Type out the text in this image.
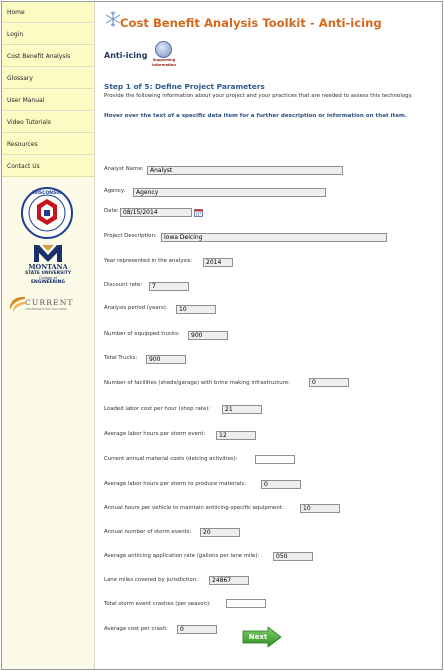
Home
Login
Cost Benefit Analysis
Glossary
User Manual
Video Tutorials
Resources
Contact Us
WISCONSIN
MONTANA
STATE UNIVERSITY
College of
ENGINEERING
CURRENT
TRANSPORTATION SOLUTIONS
Cost Benefit Analysis Toolkit - Anti-icing
Anti-icing	Supporting
Information
Step 1 of 5: Define Project Parameters
Provide the following information about your project and your practices that are needed to assess this technology.
Hover over the text of a specific data item for a further description or information on that item.
Analyst Name:
Analyst
Agency:
Agency
Date:
08/15/2014
Project Description:
Iowa Deicing
Year represented in the analysis:
2014
Discount rate:
7
Analysis period (years):
10
Number of equipped trucks:
900
Total Trucks:
900
Number of facilities (sheds/garage) with brine making infrastructure:
0
Loaded labor cost per hour (shop rate):
21
Average labor hours per storm event:
12
Current annual material costs (deicing activities):
Average labor hours per storm to produce materials:
0
Annual hours per vehicle to maintain antiicing-specific equipment:
10
Annual number of storm events:
20
Average antiicing application rate (gallons per lane mile):
050
Lane miles covered by jurisdiction:
24867
Total storm event crashes (per season):
Average cost per crash:
0
Next
